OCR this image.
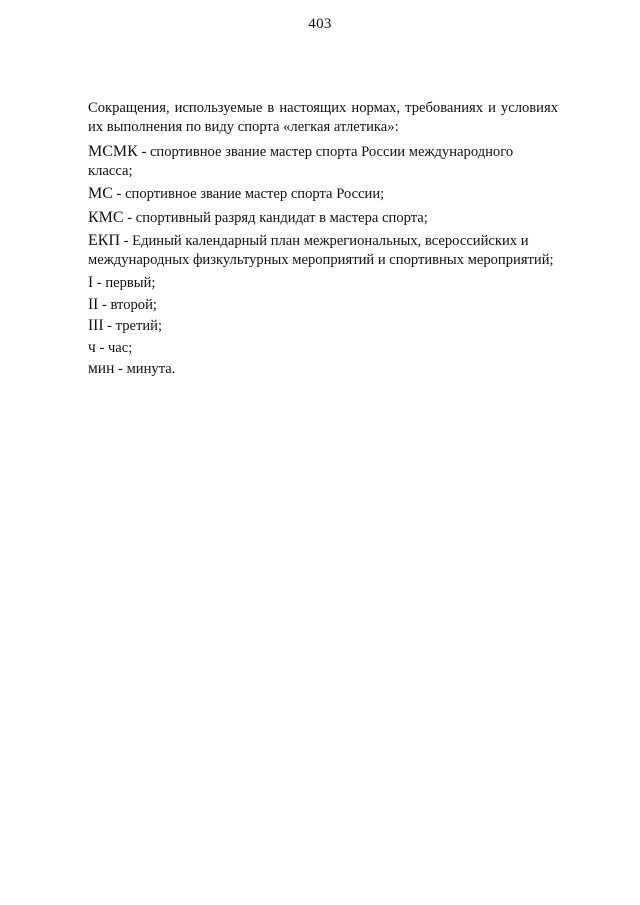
403

Сокращения, используемые в настоящих нормах, требованиях и условиях их выполнения по виду спорта «легкая атлетика»:

МСМК - спортивное звание мастер спорта России международного класса;

МС - спортивное звание мастер спорта России;

КМС - спортивный разряд кандидат в мастера спорта;

ЕКП - Единый календарный план межрегиональных, всероссийских и международных физкультурных мероприятий и спортивных мероприятий;

I - первый;

II - второй;

III - третий;

ч - час;

мин - минута.
